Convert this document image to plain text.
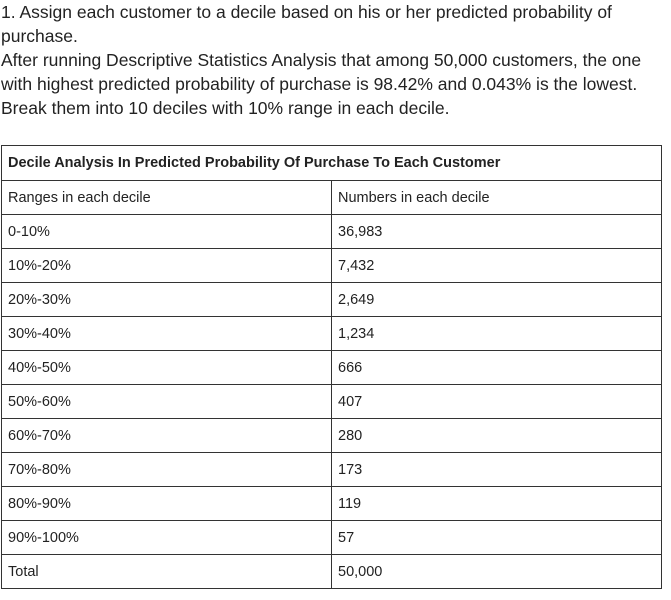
1. Assign each customer to a decile based on his or her predicted probability of purchase.

After running Descriptive Statistics Analysis that among 50,000 customers, the one with highest predicted probability of purchase is 98.42% and 0.043% is the lowest.

Break them into 10 deciles with 10% range in each decile.

Decile Analysis In Predicted Probability Of Purchase To Each Customer	
Ranges in each decile	Numbers in each decile
0-10%	36,983
10%-20%	7,432
20%-30%	2,649
30%-40%	1,234
40%-50%	666
50%-60%	407
60%-70%	280
70%-80%	173
80%-90%	119
90%-100%	57
Total	50,000
